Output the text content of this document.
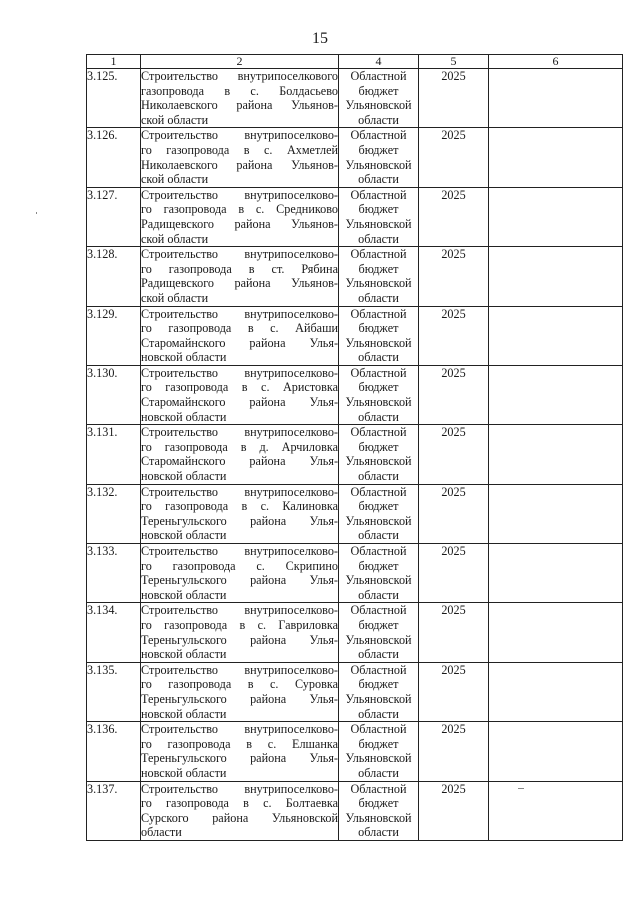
15
1	2	4	5	6
3.125.	Строительство внутрипоселкового
газопровода в с. Болдасьево
Николаевского района Ульянов-
ской области	Областной
бюджет
Ульяновской
области	2025	
3.126.	Строительство внутрипоселково-
го газопровода в с. Ахметлей
Николаевского района Ульянов-
ской области	Областной
бюджет
Ульяновской
области	2025	
3.127.	Строительство внутрипоселково-
го газопровода в с. Средниково
Радищевского района Ульянов-
ской области	Областной
бюджет
Ульяновской
области	2025	
3.128.	Строительство внутрипоселково-
го газопровода в ст. Рябина
Радищевского района Ульянов-
ской области	Областной
бюджет
Ульяновской
области	2025	
3.129.	Строительство внутрипоселково-
го газопровода в с. Айбаши
Старомайнского района Улья-
новской области	Областной
бюджет
Ульяновской
области	2025	
3.130.	Строительство внутрипоселково-
го газопровода в с. Аристовка
Старомайнского района Улья-
новской области	Областной
бюджет
Ульяновской
области	2025	
3.131.	Строительство внутрипоселково-
го газопровода в д. Арчиловка
Старомайнского района Улья-
новской области	Областной
бюджет
Ульяновской
области	2025	
3.132.	Строительство внутрипоселково-
го газопровода в с. Калиновка
Тереньгульского района Улья-
новской области	Областной
бюджет
Ульяновской
области	2025	
3.133.	Строительство внутрипоселково-
го газопровода с. Скрипино
Тереньгульского района Улья-
новской области	Областной
бюджет
Ульяновской
области	2025	
3.134.	Строительство внутрипоселково-
го газопровода в с. Гавриловка
Тереньгульского района Улья-
новской области	Областной
бюджет
Ульяновской
области	2025	
3.135.	Строительство внутрипоселково-
го газопровода в с. Суровка
Тереньгульского района Улья-
новской области	Областной
бюджет
Ульяновской
области	2025	
3.136.	Строительство внутрипоселково-
го газопровода в с. Елшанка
Тереньгульского района Улья-
новской области	Областной
бюджет
Ульяновской
области	2025	
3.137.	Строительство внутрипоселково-
го газопровода в с. Болтаевка
Сурского района Ульяновской
области	Областной
бюджет
Ульяновской
области	2025	
